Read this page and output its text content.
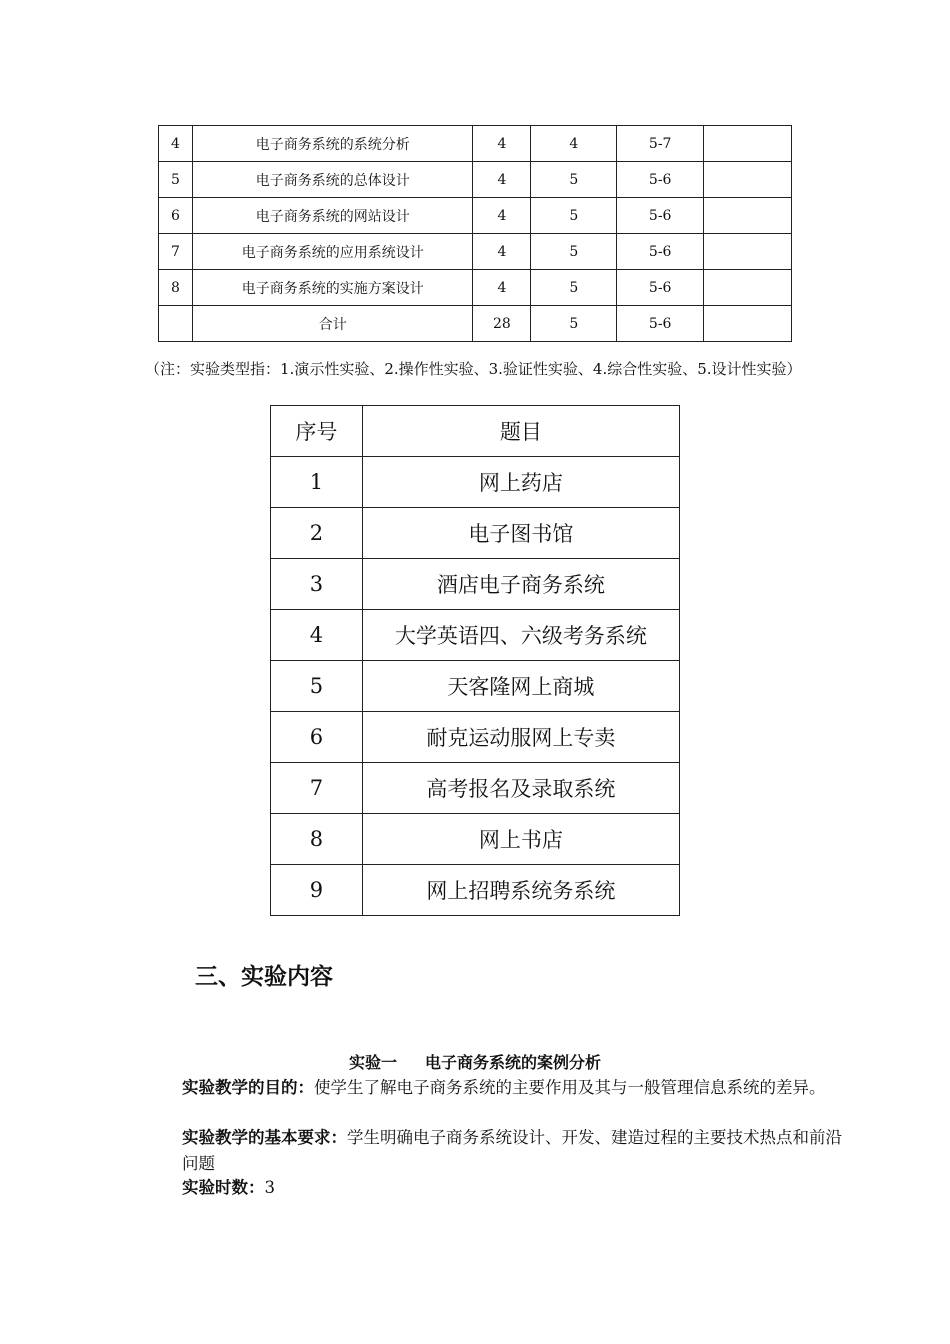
4	电子商务系统的系统分析	4	4	5-7	
5	电子商务系统的总体设计	4	5	5-6	
6	电子商务系统的网站设计	4	5	5-6	
7	电子商务系统的应用系统设计	4	5	5-6	
8	电子商务系统的实施方案设计	4	5	5-6	
	合计	28	5	5-6	
（注：实验类型指：1.演示性实验、2.操作性实验、3.验证性实验、4.综合性实验、5.设计性实验）
序号	题目
1	网上药店
2	电子图书馆
3	酒店电子商务系统
4	大学英语四、六级考务系统
5	天客隆网上商城
6	耐克运动服网上专卖
7	高考报名及录取系统
8	网上书店
9	网上招聘系统务系统
三、实验内容
实验一 电子商务系统的案例分析
实验教学的目的：使学生了解电子商务系统的主要作用及其与一般管理信息系统的差异。
实验教学的基本要求：学生明确电子商务系统设计、开发、建造过程的主要技术热点和前沿问题
实验时数：3
